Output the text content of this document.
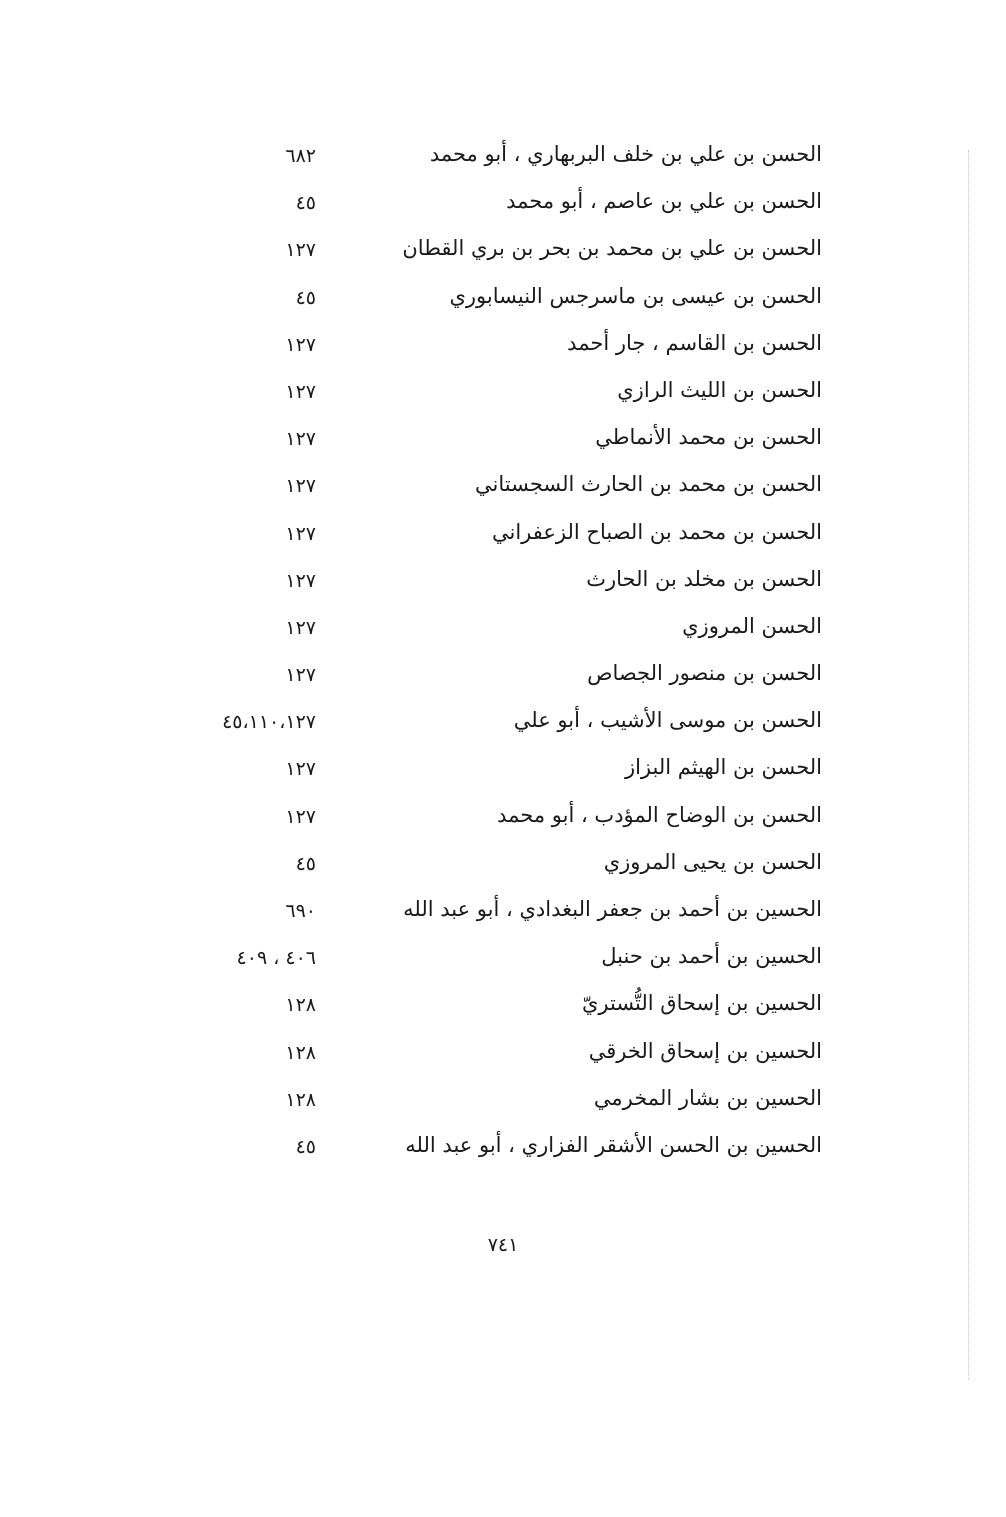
الحسن بن علي بن خلف البربهاري ، أبو محمد
٦٨٢
الحسن بن علي بن عاصم ، أبو محمد
٤٥
الحسن بن علي بن محمد بن بحر بن بري القطان
١٢٧
الحسن بن عيسى بن ماسرجس النيسابوري
٤٥
الحسن بن القاسم ، جار أحمد
١٢٧
الحسن بن الليث الرازي
١٢٧
الحسن بن محمد الأنماطي
١٢٧
الحسن بن محمد بن الحارث السجستاني
١٢٧
الحسن بن محمد بن الصباح الزعفراني
١٢٧
الحسن بن مخلد بن الحارث
١٢٧
الحسن المروزي
١٢٧
الحسن بن منصور الجصاص
١٢٧
الحسن بن موسى الأشيب ، أبو علي
٤٥،١١٠،١٢٧
الحسن بن الهيثم البزاز
١٢٧
الحسن بن الوضاح المؤدب ، أبو محمد
١٢٧
الحسن بن يحيى المروزي
٤٥
الحسين بن أحمد بن جعفر البغدادي ، أبو عبد الله
٦٩٠
الحسين بن أحمد بن حنبل
٤٠٦ ، ٤٠٩
الحسين بن إسحاق التُّستريّ
١٢٨
الحسين بن إسحاق الخرقي
١٢٨
الحسين بن بشار المخرمي
١٢٨
الحسين بن الحسن الأشقر الفزاري ، أبو عبد الله
٤٥
٧٤١
